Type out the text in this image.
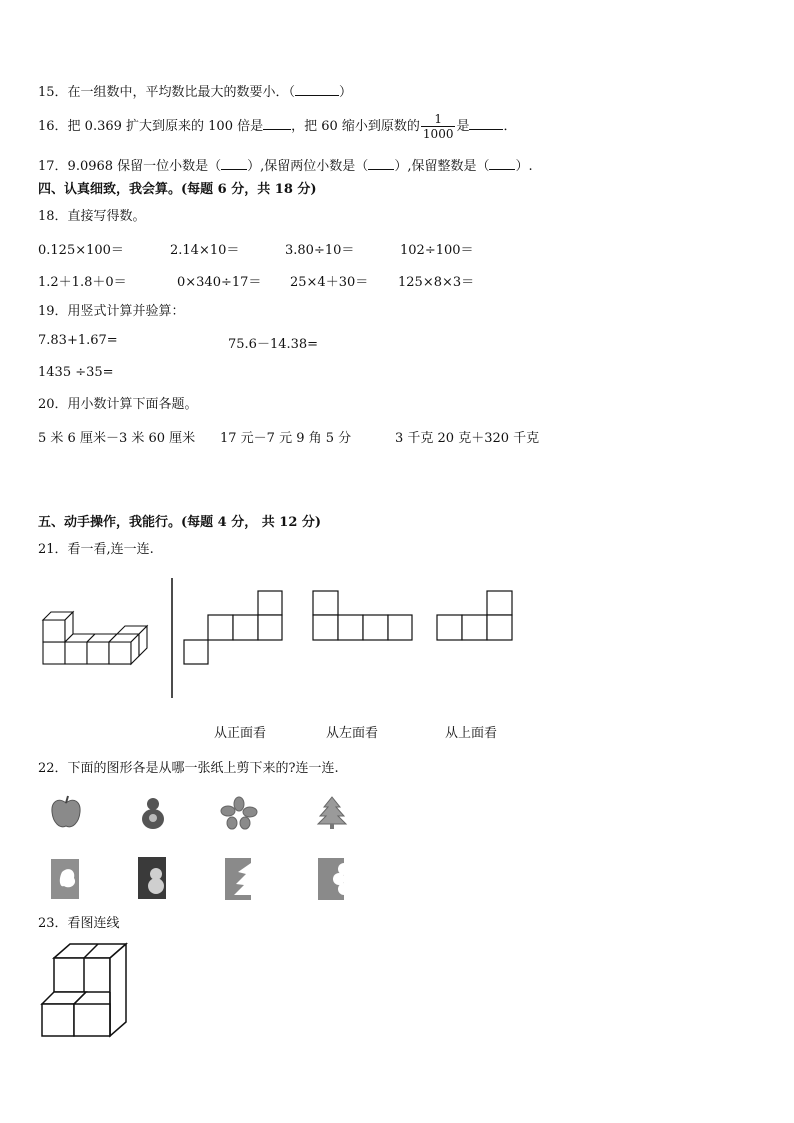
15．在一组数中，平均数比最大的数要小．（	）
16．把 0.369 扩大到原来的 100 倍是 ，把 60 缩小到原数的 $\frac{1}{1000}$ 是	．
17．9.0968 保留一位小数是（ ）,保留两位小数是（ ）,保留整数是（ ）.
四、认真细致，我会算。(每题 6 分，共 18 分)
18．直接写得数。
0.125×100＝	2.14×10＝	3.80÷10＝	102÷100＝
1.2＋1.8＋0＝	0×340÷17＝ 25×4＋30＝ 125×8×3＝
19．用竖式计算并验算：
7.83+1.67=	75.6－14.38=
1435 ÷35=
20．用小数计算下面各题。
5 米 6 厘米－3 米 60 厘米 17 元－7 元 9 角 5 分	3 千克 20 克＋320 千克
五、动手操作，我能行。(每题 4 分， 共 12 分)
21．看一看,连一连.
从正面看	从左面看	从上面看
22．下面的图形各是从哪一张纸上剪下来的?连一连.
23．看图连线
